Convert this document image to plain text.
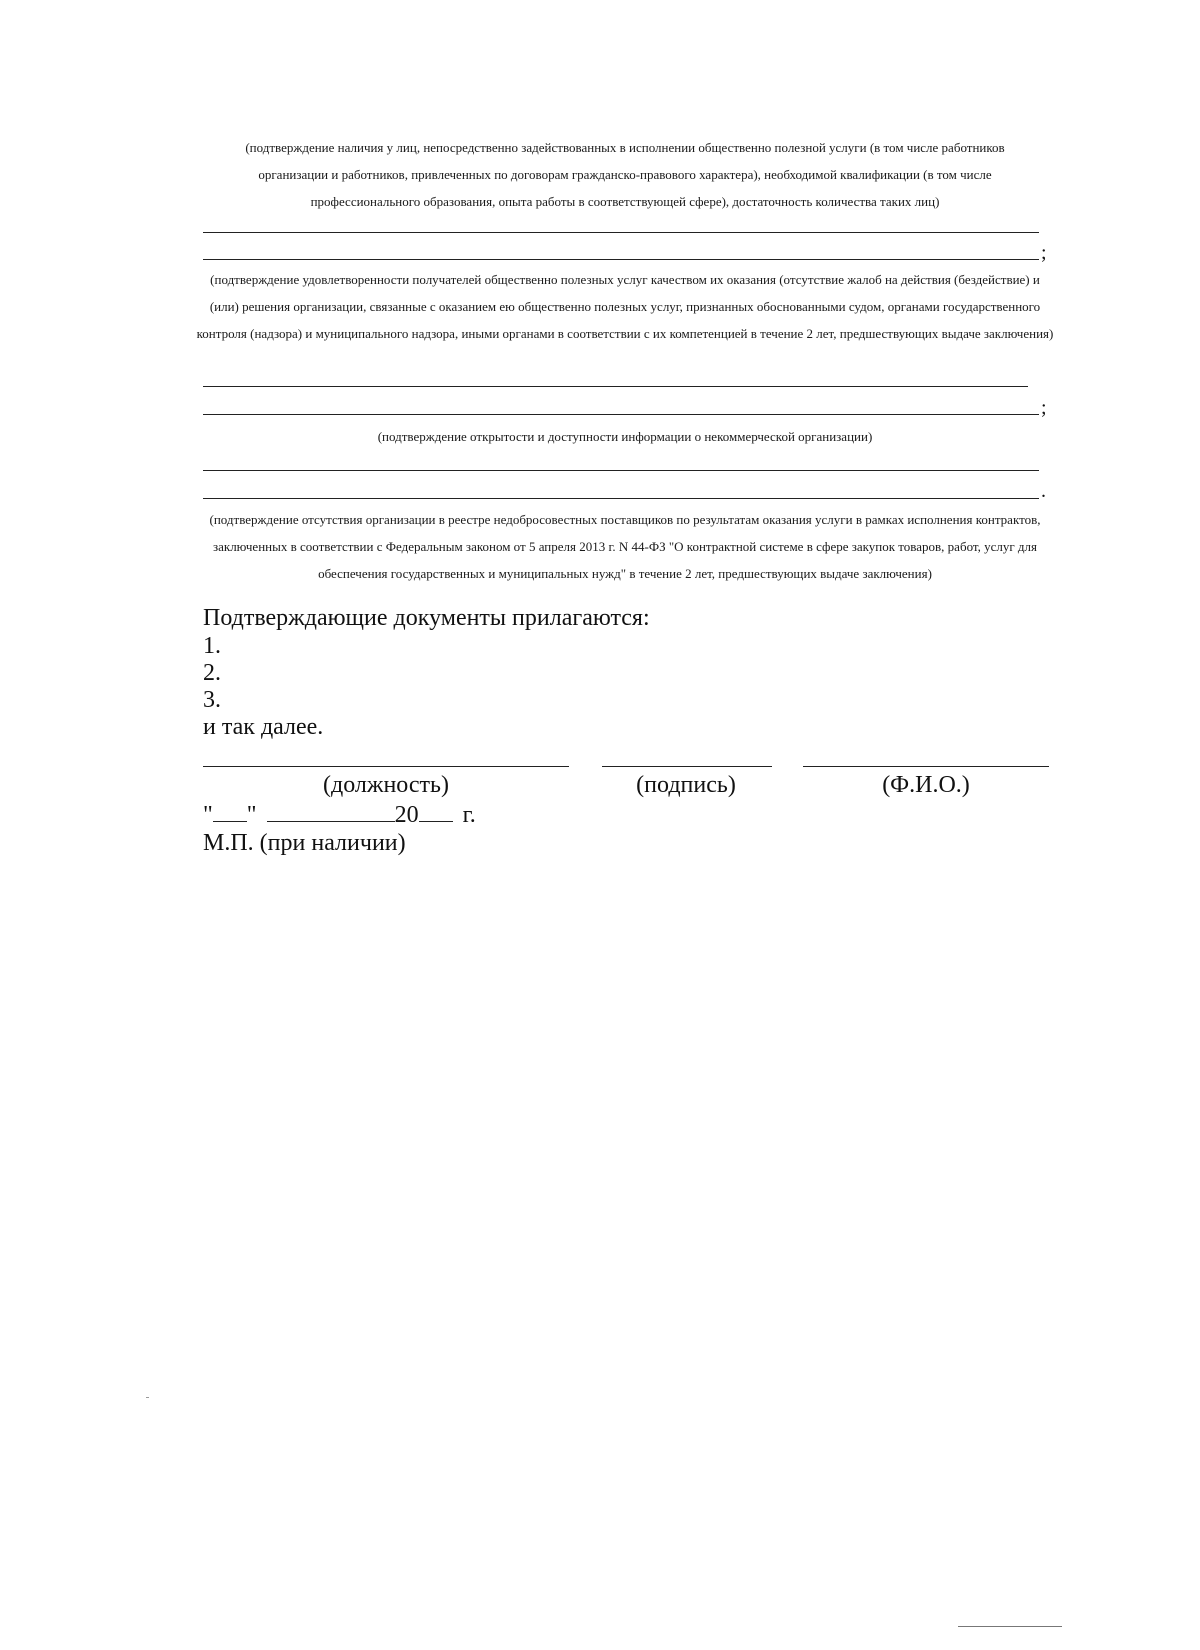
(подтверждение наличия у лиц, непосредственно задействованных в исполнении общественно полезной услуги (в том числе работников организации и работников, привлеченных по договорам гражданско-правового характера), необходимой квалификации (в том числе профессионального образования, опыта работы в соответствующей сфере), достаточность количества таких лиц)
;
(подтверждение удовлетворенности получателей общественно полезных услуг качеством их оказания (отсутствие жалоб на действия (бездействие) и (или) решения организации, связанные с оказанием ею общественно полезных услуг, признанных обоснованными судом, органами государственного контроля (надзора) и муниципального надзора, иными органами в соответствии с их компетенцией в течение 2 лет, предшествующих выдаче заключения)
;
(подтверждение открытости и доступности информации о некоммерческой организации)
.
(подтверждение отсутствия организации в реестре недобросовестных поставщиков по результатам оказания услуги в рамках исполнения контрактов, заключенных в соответствии с Федеральным законом от 5 апреля 2013 г. N 44-ФЗ "О контрактной системе в сфере закупок товаров, работ, услуг для обеспечения государственных и муниципальных нужд" в течение 2 лет, предшествующих выдаче заключения)
Подтверждающие документы прилагаются:
1.
2.
3.
и так далее.
(должность)	(подпись)	(Ф.И.О.)
" "	20 г.
М.П. (при наличии)
